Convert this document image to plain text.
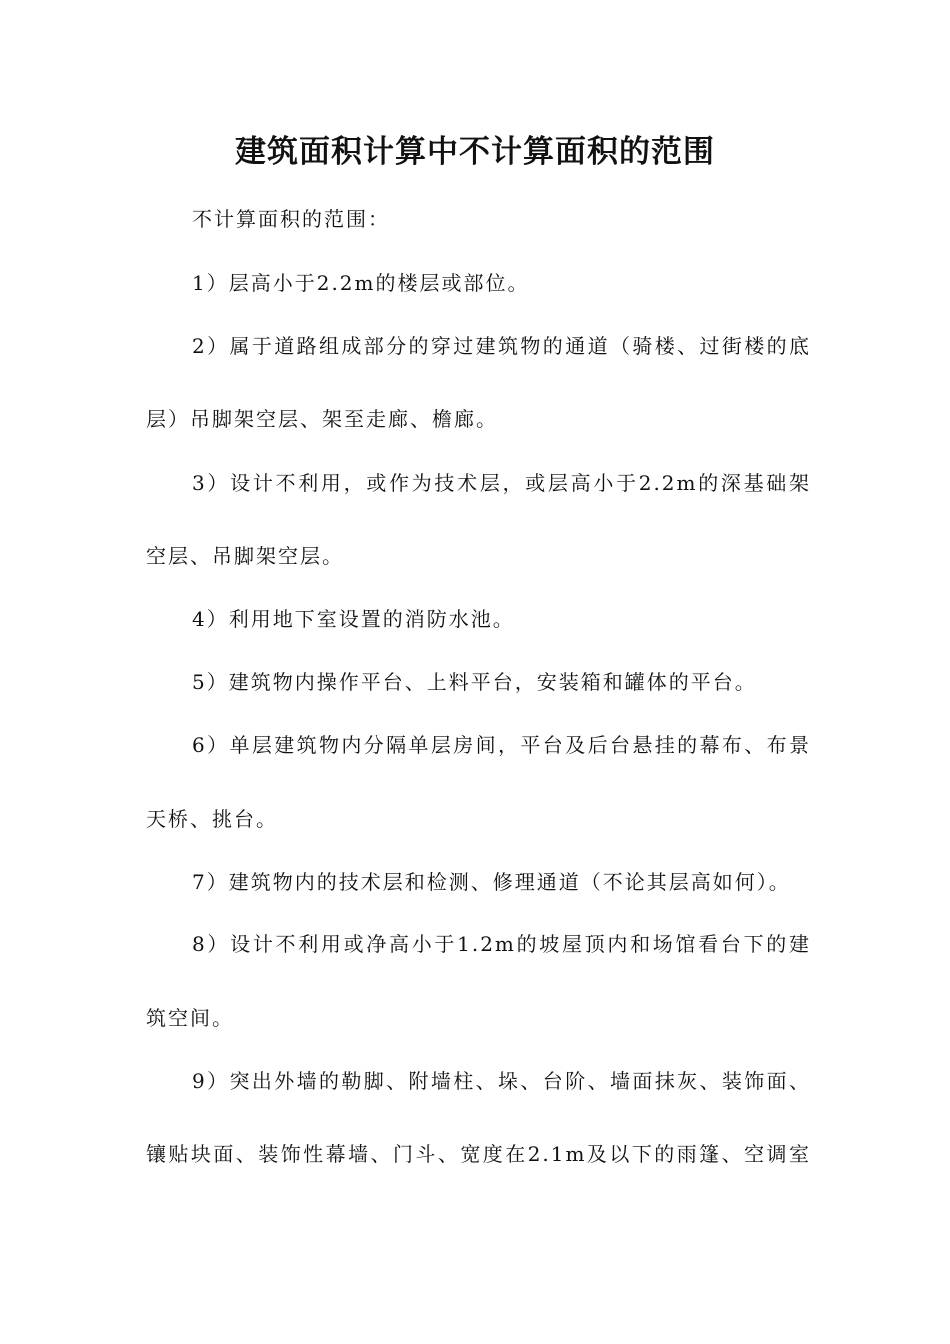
建筑面积计算中不计算面积的范围

不计算面积的范围：

1）层高小于2.2m的楼层或部位。

2）属于道路组成部分的穿过建筑物的通道（骑楼、过街楼的底

层）吊脚架空层、架至走廊、檐廊。

3）设计不利用，或作为技术层，或层高小于2.2m的深基础架

空层、吊脚架空层。

4）利用地下室设置的消防水池。

5）建筑物内操作平台、上料平台，安装箱和罐体的平台。

6）单层建筑物内分隔单层房间，平台及后台悬挂的幕布、布景

天桥、挑台。

7）建筑物内的技术层和检测、修理通道（不论其层高如何）。

8）设计不利用或净高小于1.2m的坡屋顶内和场馆看台下的建

筑空间。

9）突出外墙的勒脚、附墙柱、垛、台阶、墙面抹灰、装饰面、

镶贴块面、装饰性幕墙、门斗、宽度在2.1m及以下的雨篷、空调室
